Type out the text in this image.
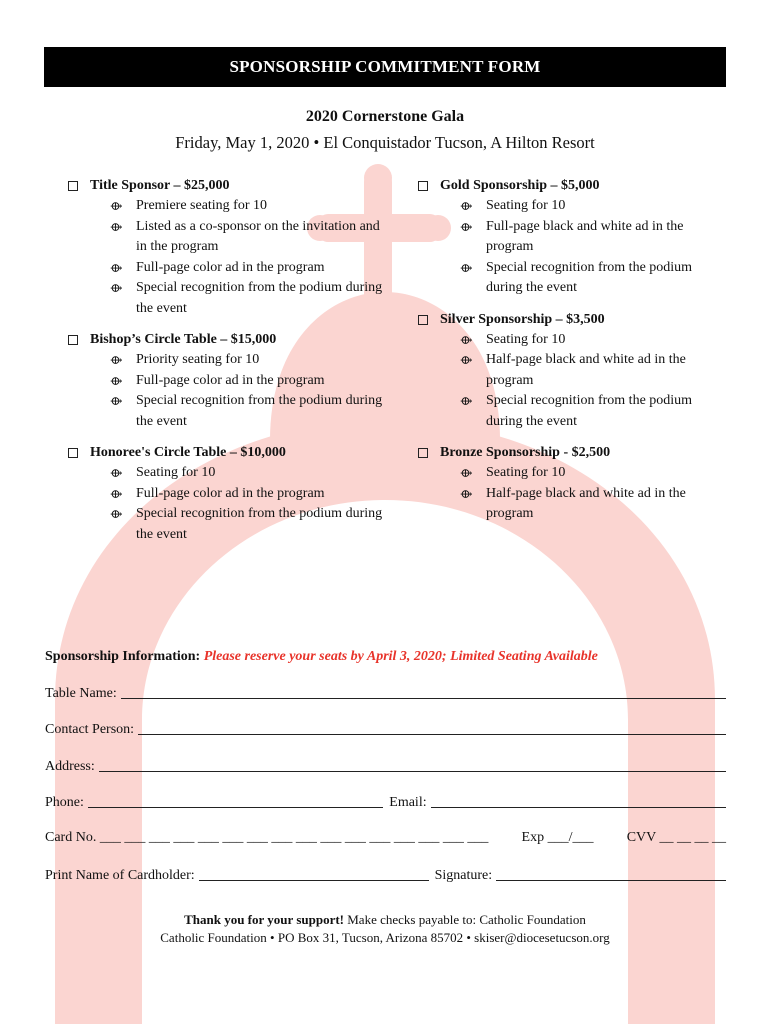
SPONSORSHIP COMMITMENT FORM
2020 Cornerstone Gala
Friday, May 1, 2020 • El Conquistador Tucson, A Hilton Resort
Title Sponsor – $25,000
⟴ Premiere seating for 10
⟴ Listed as a co-sponsor on the invitation and in the program
⟴ Full-page color ad in the program
⟴ Special recognition from the podium during the event
Bishop’s Circle Table – $15,000
⟴ Priority seating for 10
⟴ Full-page color ad in the program
⟴ Special recognition from the podium during the event
Honoree's Circle Table – $10,000
⟴ Seating for 10
⟴ Full-page color ad in the program
⟴ Special recognition from the podium during the event
Gold Sponsorship – $5,000
⟴ Seating for 10
⟴ Full-page black and white ad in the program
⟴ Special recognition from the podium during the event
Silver Sponsorship – $3,500
⟴ Seating for 10
⟴ Half-page black and white ad in the program
⟴ Special recognition from the podium during the event
Bronze Sponsorship - $2,500
⟴ Seating for 10
⟴ Half-page black and white ad in the program
Sponsorship Information: Please reserve your seats by April 3, 2020; Limited Seating Available
Table Name:
Contact Person:
Address:
Phone:	Email:
Card No. ___ ___ ___ ___ ___ ___ ___ ___ ___ ___ ___ ___ ___ ___ ___ ___ Exp ___/___ CVV __ __ __ __
Print Name of Cardholder:	Signature:
Thank you for your support! Make checks payable to: Catholic Foundation
Catholic Foundation • PO Box 31, Tucson, Arizona 85702 • skiser@diocesetucson.org
